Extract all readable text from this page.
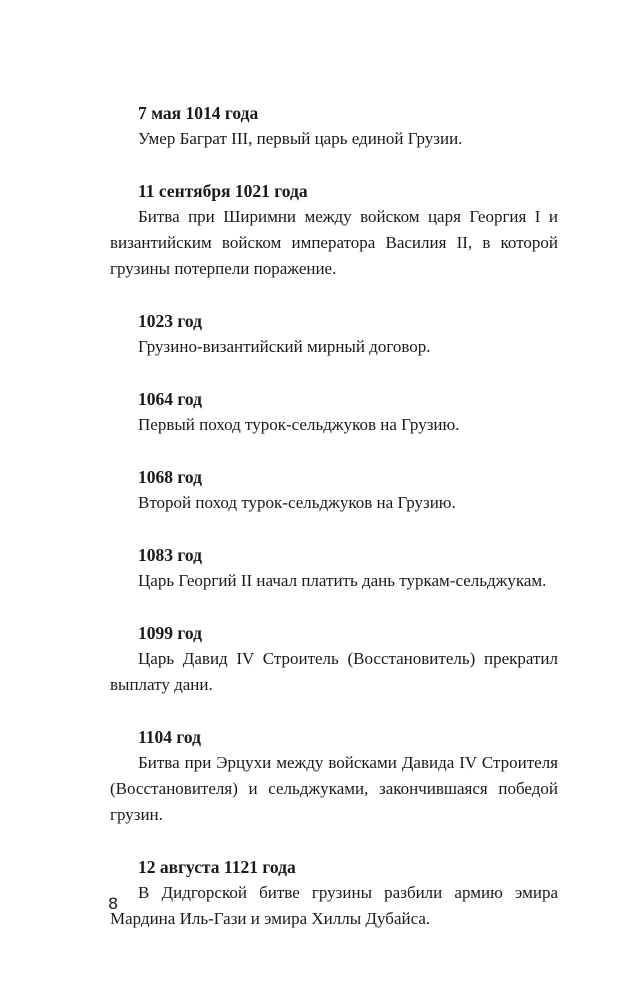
7 мая 1014 года

Умер Баграт III, первый царь единой Грузии.

11 сентября 1021 года

Битва при Ширимни между войском царя Георгия I и византийским войском императора Василия II, в которой грузины потерпели поражение.

1023 год

Грузино-византийский мирный договор.

1064 год

Первый поход турок-сельджуков на Грузию.

1068 год

Второй поход турок-сельджуков на Грузию.

1083 год

Царь Георгий II начал платить дань туркам-сельджукам.

1099 год

Царь Давид IV Строитель (Восстановитель) прекратил выплату дани.

1104 год

Битва при Эрцухи между войсками Давида IV Строителя (Восстановителя) и сельджуками, закончившаяся победой грузин.

12 августа 1121 года

В Дидгорской битве грузины разбили армию эмира Мардина Иль-Гази и эмира Хиллы Дубайса.

8
